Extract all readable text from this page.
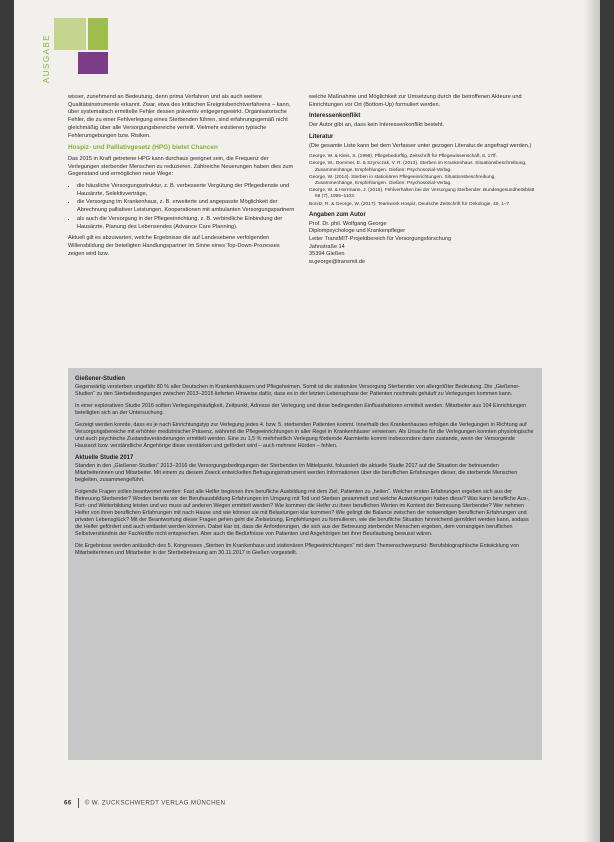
AUSGABE

wisser, zunehmend an Bedeutung, denn prima Verfahren und als auch weitere Qualitätsinstrumente erkannt. Zwar, etwa des kritischen Ereignisberichtverfahrens – kann, über systematisch ermittelte Fehler dessen präventiv entgegengewirkt. Organisatorische Fehler, die zu einer Fehlverlegung eines Sterbenden führen, sind erfahrungsgemäß nicht gleichmäßig über alle Versorgungsbereiche verteilt. Vielmehr existieren typische Fehlerumgebungen bzw. Risiken.

Hospiz- und Palliativgesetz (HPG) bietet Chancen

Das 2015 in Kraft getretene HPG kann durchaus geeignet sein, die Frequenz der Verlegungen sterbender Menschen zu reduzieren. Zahlreiche Neuerungen haben dies zum Gegenstand und ermöglichen neue Wege:

• die häusliche Versorgungsstruktur, z. B. verbesserte Vergütung der Pflegedienste und Hausärzte, Selektivverträge,
• die Versorgung im Krankenhaus, z. B. erweiterte und angepasste Möglichkeit der Abrechnung palliativer Leistungen, Kooperationen mit ambulanten Versorgungspartnern
• als auch die Versorgung in der Pflegeeinrichtung, z. B. verbindliche Einbindung der Hausärzte, Planung des Lebensendes (Advance Care Planning).

Aktuell gilt es abzuwarten, welche Ergebnisse die auf Landesebene verfolgenden Willensbildung der beteiligten Handlungspartner im Sinne eines Top-Down-Prozesses zeigen wird bzw.

welche Maßnahme und Möglichkeit zur Umsetzung durch die betroffenen Akteure und Einrichtungen vor Ort (Bottom-Up) formuliert werden.

Interessenkonflikt

Der Autor gibt an, dass kein Interessenkonflikt besteht.

Literatur

(Die gesamte Liste kann bei dem Verfasser unter gezogen Literatur.de angefragt werden.)

George, W. & Kleis, S. (1998). Pflegebedürftig, Zeitschrift für Pflegewissenschaft, 8, 17ff.
George, W., Dommer, E. & Szymczak, V. R. (2013). Sterben im Krankenhaus. Situationsbeschreibung, Zusammenhänge, Empfehlungen. Gießen: Psychosozial-Verlag.
George, W. (2014). Sterben in stationären Pflegeeinrichtungen. Situationsbeschreibung, Zusammenhänge, Empfehlungen. Gießen: Psychosozial-Verlag.
George, W. & Herrmann, J. (2016). Fehlverhalten bei der Versorgung Sterbender. Bundesgesundheitsblatt 59 (7), 1095–1103.
Bonitz, R. & George, W. (2017). Teamwork Hospiz, Deutsche Zeitschrift für Onkologie, 49, 1–7.
Angaben zum Autor
Prof. Dr. phil. Wolfgang George
Diplompsychologe und Krankenpfleger
Leiter TransMIT-Projektbereich für Versorgungsforschung
Jahnstraße 14
35394 Gießen
w.george@transmit.de
Gießener-Studien

Gegenwärtig versterben ungefähr 80 % aller Deutschen in Krankenhäusern und Pflegeheimen. Somit ist die stationäre Versorgung Sterbender von allergrößter Bedeutung. Die „Gießener-Studien“ zu den Sterbebedingungen zwischen 2013–2015 lieferten Hinweise dafür, dass es in der letzten Lebensphase der Patienten nochmals gehäuft zu Verlegungen kommen kann.

In einer explorativen Studie 2016 sollten Verlegungshäufigkeit, Zeitpunkt, Adresse der Verlegung und diese bedingenden Einflussfaktoren ermittelt werden. Mitarbeiter aus 104 Einrichtungen beteiligten sich an der Untersuchung.

Gezeigt werden konnte, dass es je nach Einrichtungstyp zur Verlegung jedes 4. bzw. 5. sterbenden Patienten kommt. Innerhalb des Krankenhauses erfolgen die Verlegungen in Richtung auf Versorgungsbereiche mit erhöhter medizinischer Präsenz, während die Pflegeeinrichtungen in aller Regel in Krankenhäuser verweisen. Als Ursache für die Verlegungen konnten physiologische und auch psychische Zustandsveränderungen ermittelt werden. Eine zu 1,5 % mehrheitlich Verlegung fördernde Alarmkette kommt insbesondere dann zustande, wenn der Versorgende Hausarzt bzw. verständliche Angehörige diese verstärken und gefördert wird – auch mehrere Hürden – fehlen.

Aktuelle Studie 2017

Standen in den „Gießener-Studien“ 2013–2016 die Versorgungsbedingungen der Sterbenden im Mittelpunkt, fokussiert die aktuelle Studie 2017 auf die Situation der betreuenden Mitarbeiterinnen und Mitarbeiter. Mit einem zu diesem Zweck entwickelten Befragungsinstrument werden Informationen über die beruflichen Erfahrungen dieser, die sterbende Menschen begleiten, zusammengeführt.

Folgende Fragen sollen beantwortet werden: Fast alle Helfer beginnen ihre berufliche Ausbildung mit dem Ziel, Patienten zu „heilen“. Welcher ersten Erfahrungen ergeben sich aus der Betreuung Sterbender? Worden bereits vor der Berufsausbildung Erfahrungen im Umgang mit Tod und Sterben gesammelt und welche Auswirkungen haben diese? Was kann berufliche Aus-, Fort- und Weiterbildung leisten und wo muss auf anderen Wegen ermittelt werden? Wie kommen die Helfer zu ihren beruflichen Werten im Kontext der Betreuung Sterbender? Wer nehmen Helfer von ihren beruflichen Erfahrungen mit nach Hause und wie können sie mit Belastungen klar kommen? Wie gelingt die Balance zwischen der notwendigen beruflichen Erfahrungen und privaten Lebensglück? Mit der Beantwortung dieser Fragen gehen geht die Zielsetzung, Empfehlungen zu formulieren, wie die berufliche Situation hinreichend gemildert werden kann, sodass die Helfer gefördert und auch entlastet werden können. Dabei klar ist, dass die Anforderungen, die sich aus der Betreuung sterbender Menschen ergeben, dem vorrangigen beruflichen Selbstverständnis der Fachkräfte nicht entsprechen. Aber auch die Bedürfnisse von Patienten und Angehörigen bei ihrer Beurlaubung bewusst wären.

Die Ergebnisse werden anlässlich des 5. Kongresses „Sterben im Krankenhaus und stationären Pflegeeinrichtungen“ mit dem Themenschwerpunkt: Berufsbiographische Entwicklung von Mitarbeiterinnen und Mitarbeiter in der Sterbebetreuung am 30.11.2017 in Gießen vorgestellt.

66 © W. ZUCKSCHWERDT VERLAG MÜNCHEN
